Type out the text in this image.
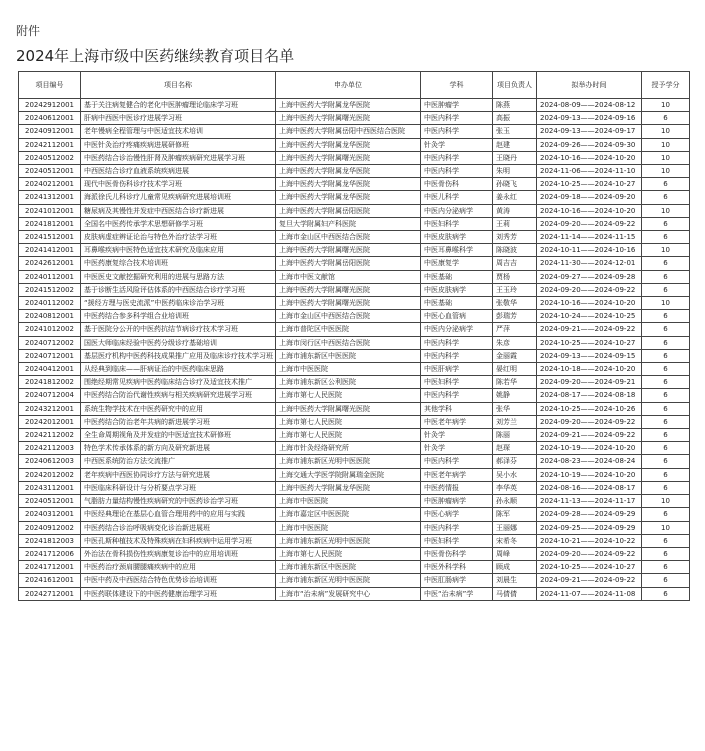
附件
2024年上海市级中医药继续教育项目名单
项目编号	项目名称	申办单位	学科	项目负责人	拟举办时间	授予学分
20242912001	基于关注病复健合的老化中医肿瘤理论临床学习班	上海中医药大学附属龙华医院	中医肿瘤学	陈燕	2024-08-09——2024-08-12	10
20240612001	肝病中西医中医诊疗进展学习班	上海中医药大学附属曙光医院	中医内科学	高振	2024-09-13——2024-09-16	6
20240912001	老年慢病全程管理与中医适宜技术培训	上海中医药大学附属岳阳中西医结合医院	中医内科学	张玉	2024-09-13——2024-09-17	10
20242112001	中医针灸治疗疼痛疾病进展研修班	上海中医药大学附属龙华医院	针灸学	赵建	2024-09-26——2024-09-30	10
20240512002	中医药结合诊治慢性肝肾及肿瘤疾病研究进展学习班	上海中医药大学附属曙光医院	中医内科学	王晓丹	2024-10-16——2024-10-20	10
20240512001	中西医结合诊疗血液系统疾病进展	上海中医药大学附属龙华医院	中医内科学	朱明	2024-11-06——2024-11-10	10
20240212001	现代中医骨伤科诊疗技术学习班	上海中医药大学附属龙华医院	中医骨伤科	孙晓飞	2024-10-25——2024-10-27	6
20241312001	海派徐氏儿科诊疗儿童常见疾病研究进展培训班	上海中医药大学附属龙华医院	中医儿科学	姜永红	2024-09-18——2024-09-20	6
20241012001	糖尿病及其慢性并发症中西医结合诊疗新进展	上海中医药大学附属岳阳医院	中医内分泌病学	黄涛	2024-10-16——2024-10-20	10
20241812001	全国名中医药传承学术思想研修学习班	复旦大学附属妇产科医院	中医妇科学	王莉	2024-09-20——2024-09-22	6
20241512001	皮肤病虚症辨证论治与特色外治疗法学习班	上海市金山区中西医结合医院	中医皮肤病学	刘秀芳	2024-11-14——2024-11-15	6
20241412001	耳鼻喉疾病中医特色适宜技术研究及临床应用	上海中医药大学附属曙光医院	中医耳鼻喉科学	陈晓波	2024-10-11——2024-10-16	10
20242612001	中医药康复综合技术培训班	上海中医药大学附属岳阳医院	中医康复学	周吉吉	2024-11-30——2024-12-01	6
20240112001	中医医史文献挖掘研究利用的进展与思路方法	上海市中医文献馆	中医基础	贾杨	2024-09-27——2024-09-28	6
20241512002	基于诊断生活风险评估体系的中西医结合诊疗学习班	上海中医药大学附属曙光医院	中医皮肤病学	王玉玲	2024-09-20——2024-09-22	6
20240112002	“援经方理与医史流派”中医药临床诊治学习班	上海中医药大学附属曙光医院	中医基础	张敬华	2024-10-16——2024-10-20	10
20240812001	中医药结合参多科学组合业培训班	上海市金山区中西医结合医院	中医心血管病	彭瑞芳	2024-10-24——2024-10-25	6
20241012002	基于医院分公开的中医药抗结节病诊疗技术学习班	上海市普陀区中医医院	中医内分泌病学	严萍	2024-09-21——2024-09-22	6
20240712002	国医大师临床经验中医药分级诊疗基础培训	上海市闵行区中西医结合医院	中医内科学	朱彦	2024-10-25——2024-10-27	6
20240712001	基层医疗机构中医药科技成果推广应用及临床诊疗技术学习班	上海市浦东新区中医医院	中医内科学	金丽霞	2024-09-13——2024-09-15	6
20240412001	从经典到临床——肝病证治的中医药临床思路	上海市中医医院	中医肝病学	晏红明	2024-10-18——2024-10-20	6
20241812002	围绝经期常见疾病中医药临床结合诊疗及适宜技术推广	上海市浦东新区公利医院	中医妇科学	陈若华	2024-09-20——2024-09-21	6
20240712004	中医药结合防治代谢性疾病与相关疾病研究进展学习班	上海市第七人民医院	中医内科学	姚静	2024-08-17——2024-08-18	6
20243212001	系统生物学技术在中医药研究中的应用	上海中医药大学附属曙光医院	其他学科	张华	2024-10-25——2024-10-26	6
20242012001	中医药结合防治老年共病的新进展学习班	上海市第七人民医院	中医老年病学	刘芳兰	2024-09-20——2024-09-22	6
20242112002	全生命周期视角及并发症的中医适宜技术研修班	上海市第七人民医院	针灸学	陈丽	2024-09-21——2024-09-22	6
20242112003	特色学术传承体系的新方向及研究新进展	上海市针灸经络研究所	针灸学	赵琛	2024-10-19——2024-10-20	6
20240612003	中西医系统防治方法交流推广	上海市浦东新区光明中医医院	中医内科学	郝泽芬	2024-08-23——2024-08-24	6
20242012002	老年疾病中西医协同诊疗方法与研究进展	上海交通大学医学院附属瑞金医院	中医老年病学	吴小水	2024-10-19——2024-10-20	6
20243112001	中医临床科研设计与分析要点学习班	上海中医药大学附属龙华医院	中医药情报	李华英	2024-08-16——2024-08-17	6
20240512001	气脂肪力量结构慢性疾病研究的中医药诊治学习班	上海市中医医院	中医肿瘤病学	孙永顺	2024-11-13——2024-11-17	10
20240312001	中医经典理论在基层心血管合理用药中的应用与实践	上海市嘉定区中医医院	中医心病学	陈军	2024-09-28——2024-09-29	6
20240912002	中医药结合诊治呼吸病变化诊治新进展班	上海市中医医院	中医内科学	王丽娜	2024-09-25——2024-09-29	10
20241812003	中医孔斯种植技术及特殊疾病在妇科疾病中运用学习班	上海市浦东新区光明中医医院	中医妇科学	宋希冬	2024-10-21——2024-10-22	6
20241712006	外治法在骨科损伤性疾病康复诊治中的应用培训班	上海市第七人民医院	中医骨伤科学	周峰	2024-09-20——2024-09-22	6
20241712001	中医药治疗颈肩腰腿痛疾病中的应用	上海市浦东新区中医医院	中医外科学科	顾成	2024-10-25——2024-10-27	6
20241612001	中医中药及中西医结合特色优势诊治培训班	上海市浦东新区光明中医医院	中医肛肠病学	刘晨生	2024-09-21——2024-09-22	6
20242712001	中医药联体建设下的中医药健康治理学习班	上海市“治未病”发展研究中心	中医“治未病”学	马倩倩	2024-11-07——2024-11-08	6
